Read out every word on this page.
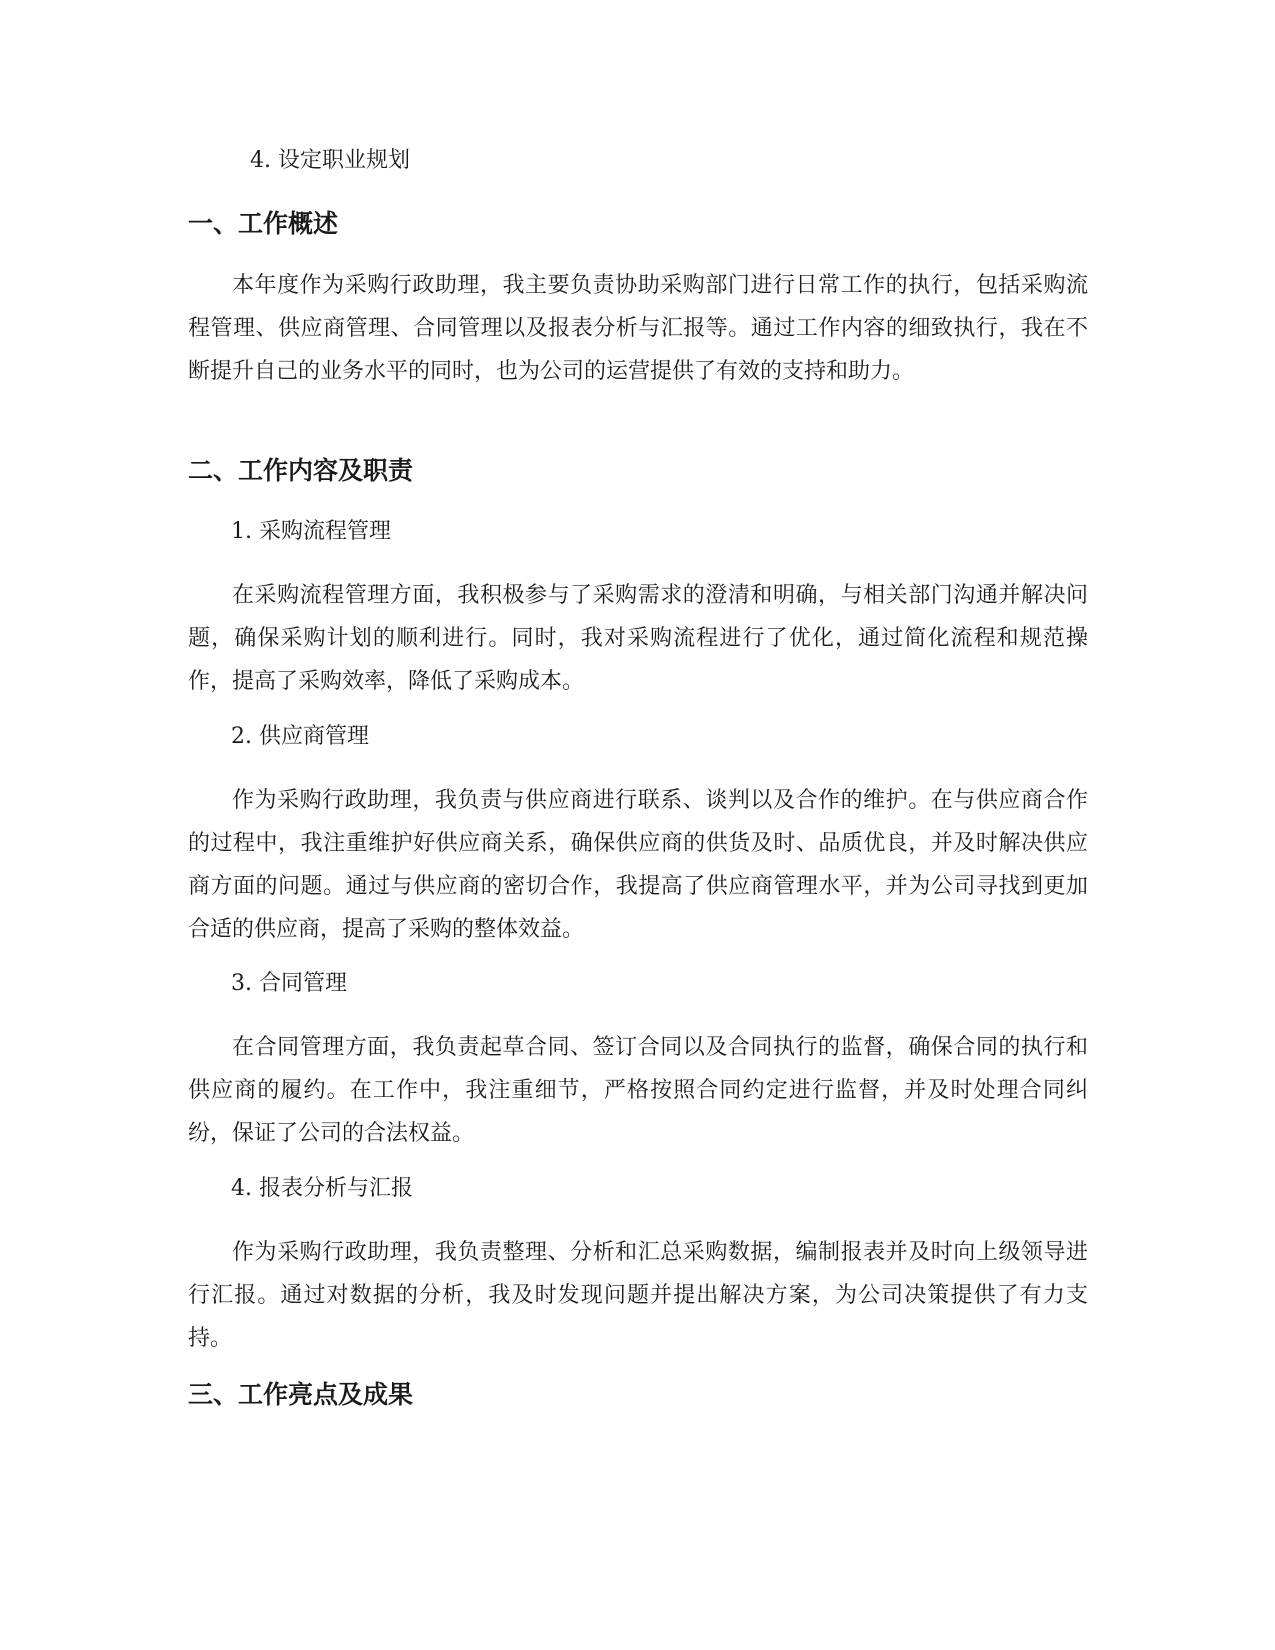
4. 设定职业规划
一、工作概述
本年度作为采购行政助理，我主要负责协助采购部门进行日常工作的执行，包括采购流程管理、供应商管理、合同管理以及报表分析与汇报等。通过工作内容的细致执行，我在不断提升自己的业务水平的同时，也为公司的运营提供了有效的支持和助力。
二、工作内容及职责
1. 采购流程管理
在采购流程管理方面，我积极参与了采购需求的澄清和明确，与相关部门沟通并解决问题，确保采购计划的顺利进行。同时，我对采购流程进行了优化，通过简化流程和规范操作，提高了采购效率，降低了采购成本。
2. 供应商管理
作为采购行政助理，我负责与供应商进行联系、谈判以及合作的维护。在与供应商合作的过程中，我注重维护好供应商关系，确保供应商的供货及时、品质优良，并及时解决供应商方面的问题。通过与供应商的密切合作，我提高了供应商管理水平，并为公司寻找到更加合适的供应商，提高了采购的整体效益。
3. 合同管理
在合同管理方面，我负责起草合同、签订合同以及合同执行的监督，确保合同的执行和供应商的履约。在工作中，我注重细节，严格按照合同约定进行监督，并及时处理合同纠纷，保证了公司的合法权益。
4. 报表分析与汇报
作为采购行政助理，我负责整理、分析和汇总采购数据，编制报表并及时向上级领导进行汇报。通过对数据的分析，我及时发现问题并提出解决方案，为公司决策提供了有力支持。
三、工作亮点及成果
